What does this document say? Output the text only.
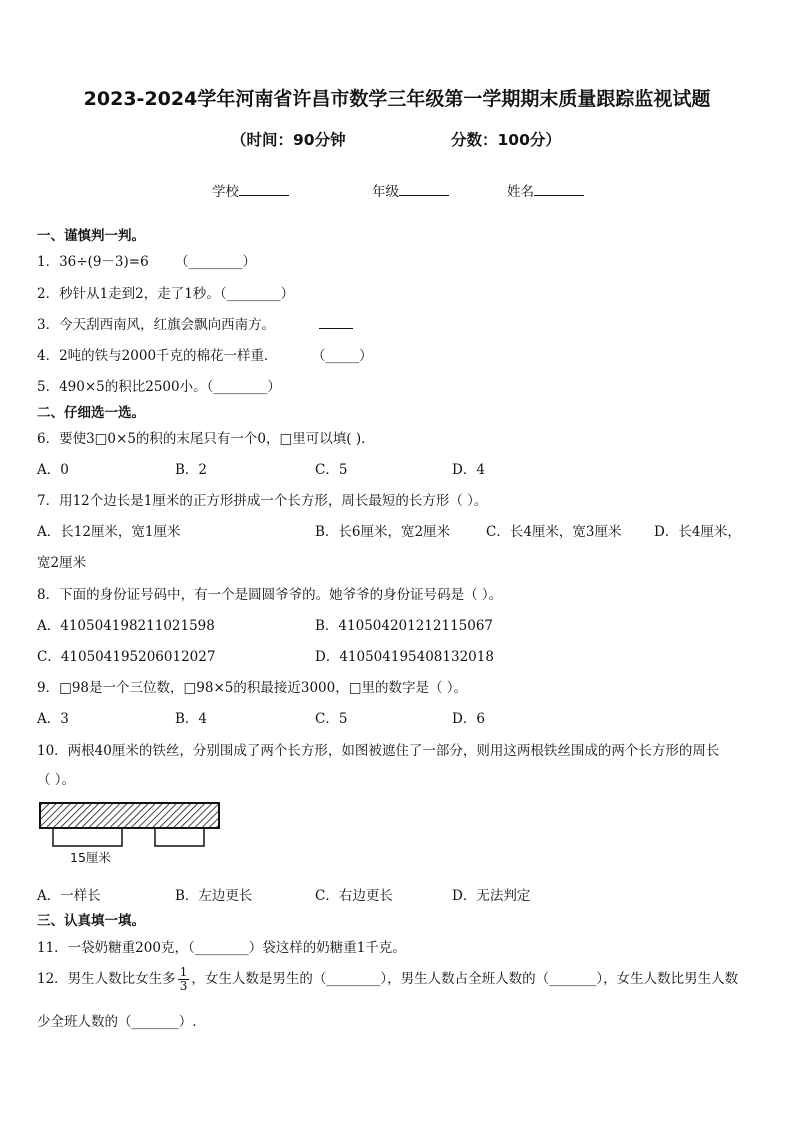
2023-2024学年河南省许昌市数学三年级第一学期期末质量跟踪监视试题
（时间：90分钟	分数：100分）
学校	年级	姓名
一、谨慎判一判。
1．36÷(9－3)=6 （________）
2．秒针从1走到2，走了1秒。（________）
3．今天刮西南风，红旗会飘向西南方。
4．2吨的铁与2000千克的棉花一样重．	（_____）
5．490×5的积比2500小。（________）
二、仔细选一选。
6．要使3□0×5的积的末尾只有一个0，□里可以填( )．
A．0	B．2	C．5	D．4
7．用12个边长是1厘米的正方形拼成一个长方形，周长最短的长方形（ ）。
A．长12厘米，宽1厘米	B．长6厘米，宽2厘米	C．长4厘米，宽3厘米 D．长4厘米，
宽2厘米
8．下面的身份证号码中，有一个是圆圆爷爷的。她爷爷的身份证号码是（ ）。
A．410504198211021598	B．410504201212115067
C．410504195206012027	D．410504195408132018
9．□98是一个三位数，□98×5的积最接近3000，□里的数字是（ ）。
A．3	B．4	C．5	D．6
10．两根40厘米的铁丝，分别围成了两个长方形，如图被遮住了一部分，则用这两根铁丝围成的两个长方形的周长
（ ）。
15厘米
A．一样长	B．左边更长	C．右边更长	D．无法判定
三、认真填一填。
11．一袋奶糖重200克，（________）袋这样的奶糖重1千克。
12．男生人数比女生多 $\frac{1}{3}$ ，女生人数是男生的（________），男生人数占全班人数的（_______），女生人数比男生人数
少全班人数的（_______）.
